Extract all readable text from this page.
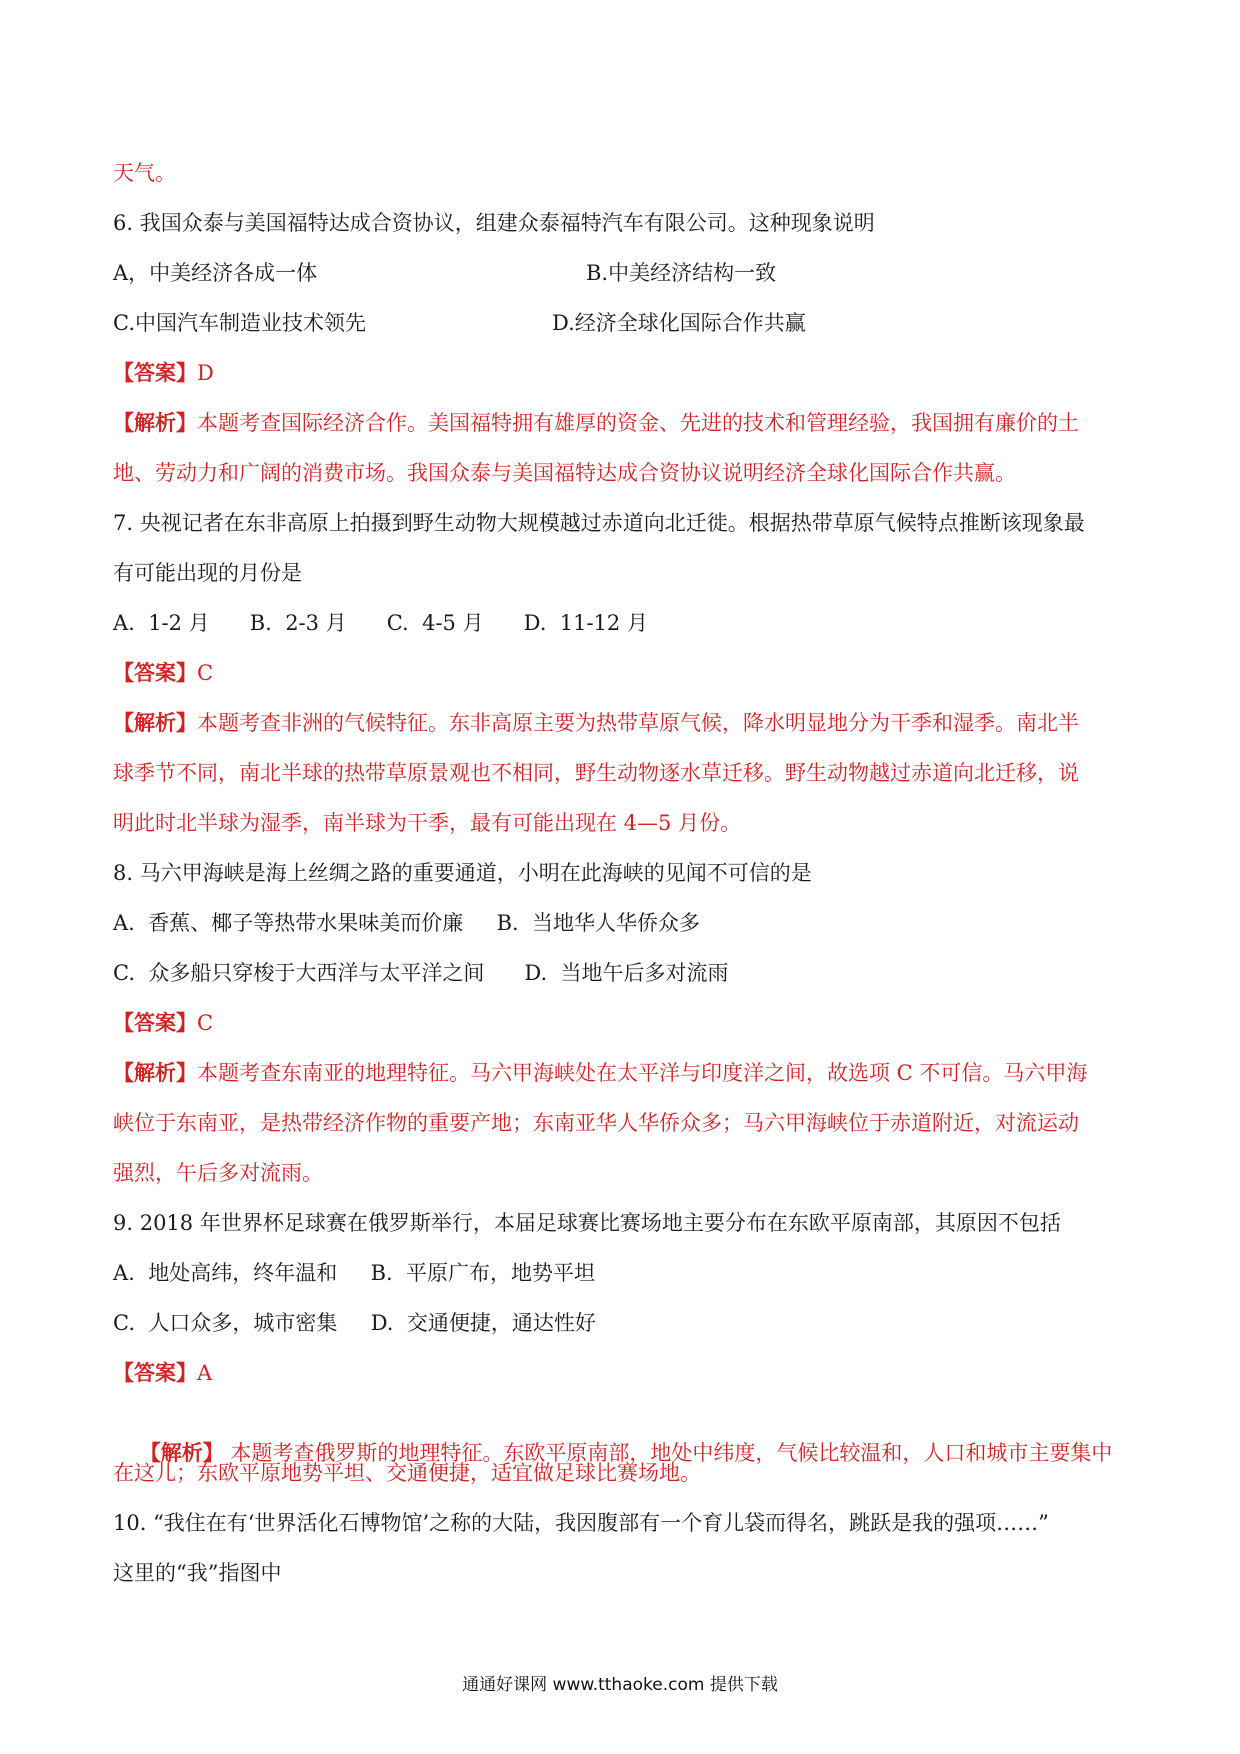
天气。
6. 我国众泰与美国福特达成合资协议，组建众泰福特汽车有限公司。这种现象说明
A，中美经济各成一体	B.中美经济结构一致
C.中国汽车制造业技术领先	D.经济全球化国际合作共赢
【答案】D
【解析】本题考查国际经济合作。美国福特拥有雄厚的资金、先进的技术和管理经验，我国拥有廉价的土
地、劳动力和广阔的消费市场。我国众泰与美国福特达成合资协议说明经济全球化国际合作共赢。
7. 央视记者在东非高原上拍摄到野生动物大规模越过赤道向北迁徙。根据热带草原气候特点推断该现象最
有可能出现的月份是
A.  1-2 月      B.  2-3 月      C.  4-5 月      D.  11-12 月
【答案】C
【解析】本题考查非洲的气候特征。东非高原主要为热带草原气候，降水明显地分为干季和湿季。南北半
球季节不同，南北半球的热带草原景观也不相同，野生动物逐水草迁移。野生动物越过赤道向北迁移，说
明此时北半球为湿季，南半球为干季，最有可能出现在 4—5 月份。
8. 马六甲海峡是海上丝绸之路的重要通道，小明在此海峡的见闻不可信的是
A.  香蕉、椰子等热带水果味美而价廉     B.  当地华人华侨众多
C.  众多船只穿梭于大西洋与太平洋之间      D.  当地午后多对流雨
【答案】C
【解析】本题考查东南亚的地理特征。马六甲海峡处在太平洋与印度洋之间，故选项 C 不可信。马六甲海
峡位于东南亚，是热带经济作物的重要产地；东南亚华人华侨众多；马六甲海峡位于赤道附近，对流运动
强烈，午后多对流雨。
9. 2018 年世界杯足球赛在俄罗斯举行，本届足球赛比赛场地主要分布在东欧平原南部，其原因不包括
A.  地处高纬，终年温和     B.  平原广布，地势平坦
C.  人口众多，城市密集     D.  交通便捷，通达性好
【答案】A

【解析】 本题考查俄罗斯的地理特征。东欧平原南部，地处中纬度，气候比较温和，人口和城市主要集中

在这儿；东欧平原地势平坦、交通便捷，适宜做足球比赛场地。
10. “我住在有‘世界活化石博物馆’之称的大陆，我因腹部有一个育儿袋而得名，跳跃是我的强项……”
这里的“我”指图中
通通好课网 www.tthaoke.com 提供下载
